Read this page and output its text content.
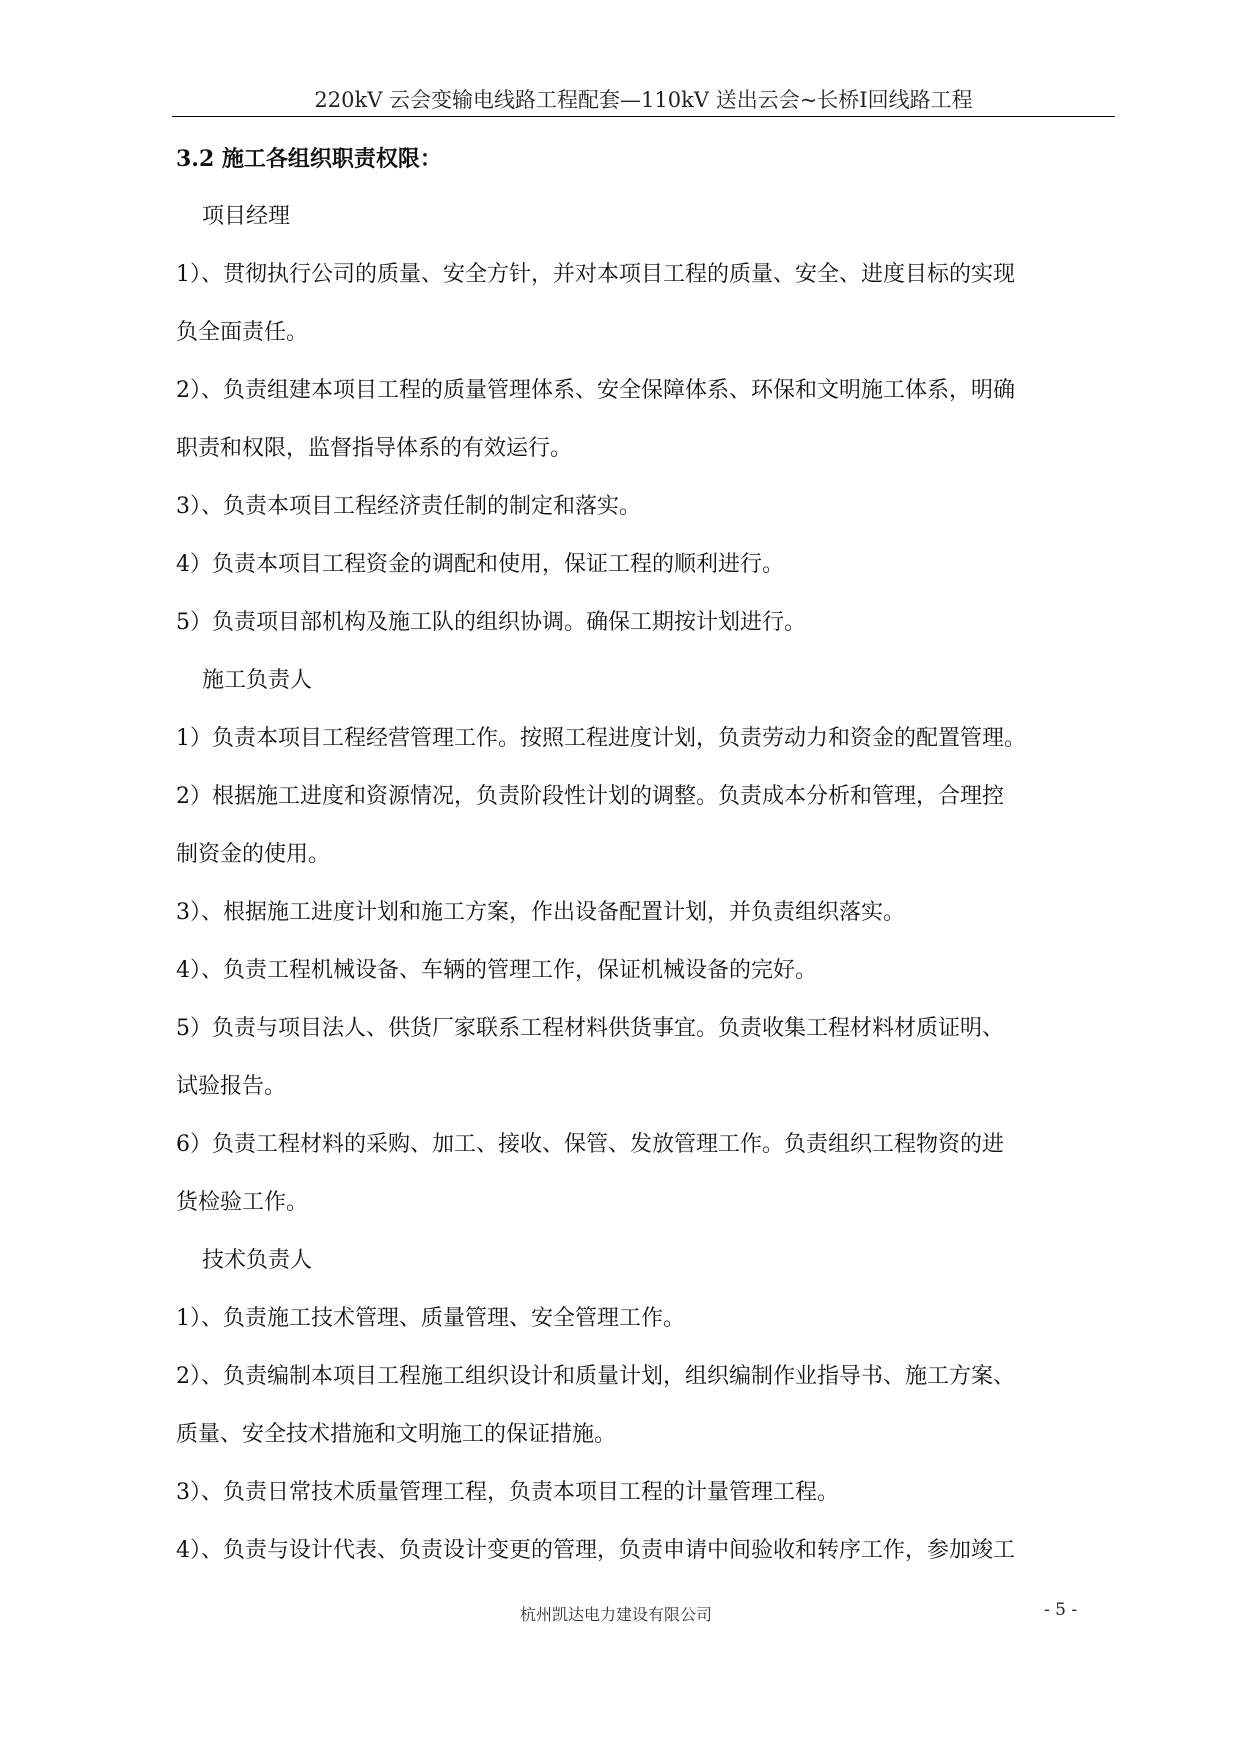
220kV 云会变输电线路工程配套—110kV 送出云会~长桥Ⅰ回线路工程

3.2 施工各组织职责权限：

项目经理

1）、贯彻执行公司的质量、安全方针，并对本项目工程的质量、安全、进度目标的实现

负全面责任。

2）、负责组建本项目工程的质量管理体系、安全保障体系、环保和文明施工体系，明确

职责和权限，监督指导体系的有效运行。

3）、负责本项目工程经济责任制的制定和落实。

4）负责本项目工程资金的调配和使用，保证工程的顺利进行。

5）负责项目部机构及施工队的组织协调。确保工期按计划进行。

施工负责人

1）负责本项目工程经营管理工作。按照工程进度计划，负责劳动力和资金的配置管理。

2）根据施工进度和资源情况，负责阶段性计划的调整。负责成本分析和管理，合理控

制资金的使用。

3）、根据施工进度计划和施工方案，作出设备配置计划，并负责组织落实。

4）、负责工程机械设备、车辆的管理工作，保证机械设备的完好。

5）负责与项目法人、供货厂家联系工程材料供货事宜。负责收集工程材料材质证明、

试验报告。

6）负责工程材料的采购、加工、接收、保管、发放管理工作。负责组织工程物资的进

货检验工作。

技术负责人

1）、负责施工技术管理、质量管理、安全管理工作。

2）、负责编制本项目工程施工组织设计和质量计划，组织编制作业指导书、施工方案、

质量、安全技术措施和文明施工的保证措施。

3）、负责日常技术质量管理工程，负责本项目工程的计量管理工程。

4）、负责与设计代表、负责设计变更的管理，负责申请中间验收和转序工作，参加竣工

杭州凯达电力建设有限公司	- 5 -
